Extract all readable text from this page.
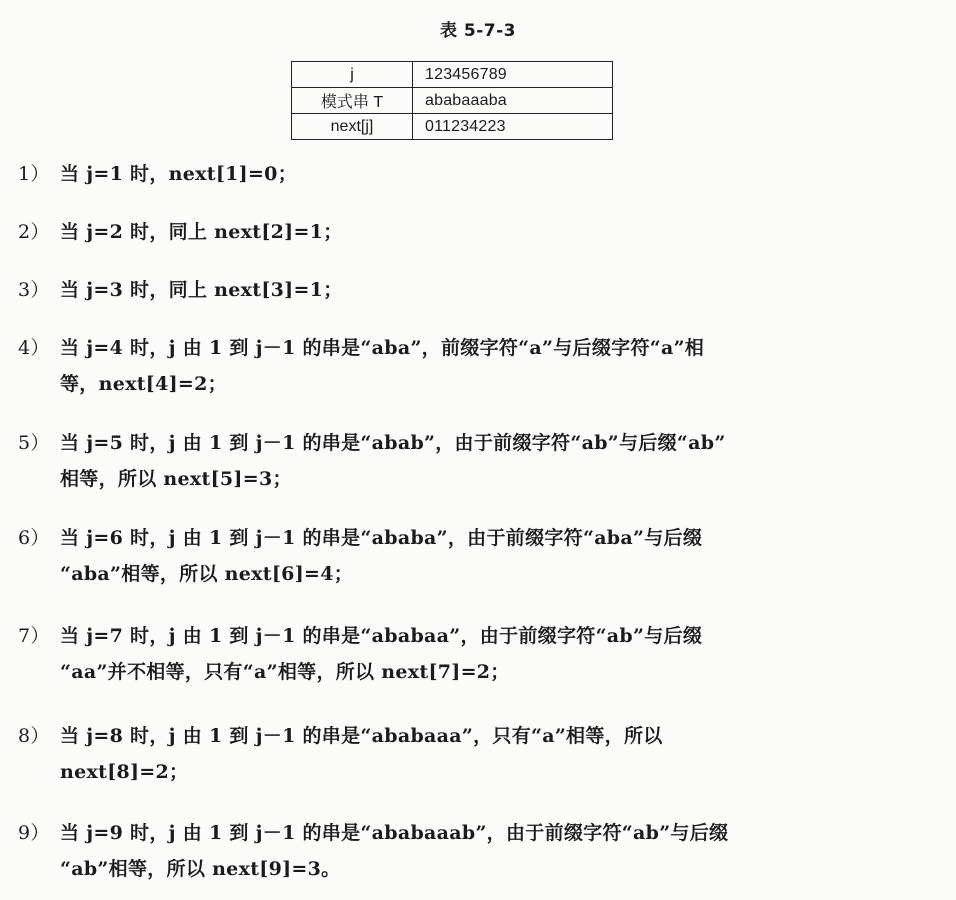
表 5-7-3
j	123456789
模式串 T	ababaaaba
next[j]	011234223
1） 当 j=1 时，next[1]=0；
2） 当 j=2 时，同上 next[2]=1；
3） 当 j=3 时，同上 next[3]=1；
4） 当 j=4 时，j 由 1 到 j－1 的串是“aba”，前缀字符“a”与后缀字符“a”相
等，next[4]=2；
5） 当 j=5 时，j 由 1 到 j－1 的串是“abab”，由于前缀字符“ab”与后缀“ab”
相等，所以 next[5]=3；
6） 当 j=6 时，j 由 1 到 j－1 的串是“ababa”，由于前缀字符“aba”与后缀
“aba”相等，所以 next[6]=4；
7） 当 j=7 时，j 由 1 到 j－1 的串是“ababaa”，由于前缀字符“ab”与后缀
“aa”并不相等，只有“a”相等，所以 next[7]=2；
8） 当 j=8 时，j 由 1 到 j－1 的串是“ababaaa”，只有“a”相等，所以
next[8]=2；
9） 当 j=9 时，j 由 1 到 j－1 的串是“ababaaab”，由于前缀字符“ab”与后缀
“ab”相等，所以 next[9]=3。
